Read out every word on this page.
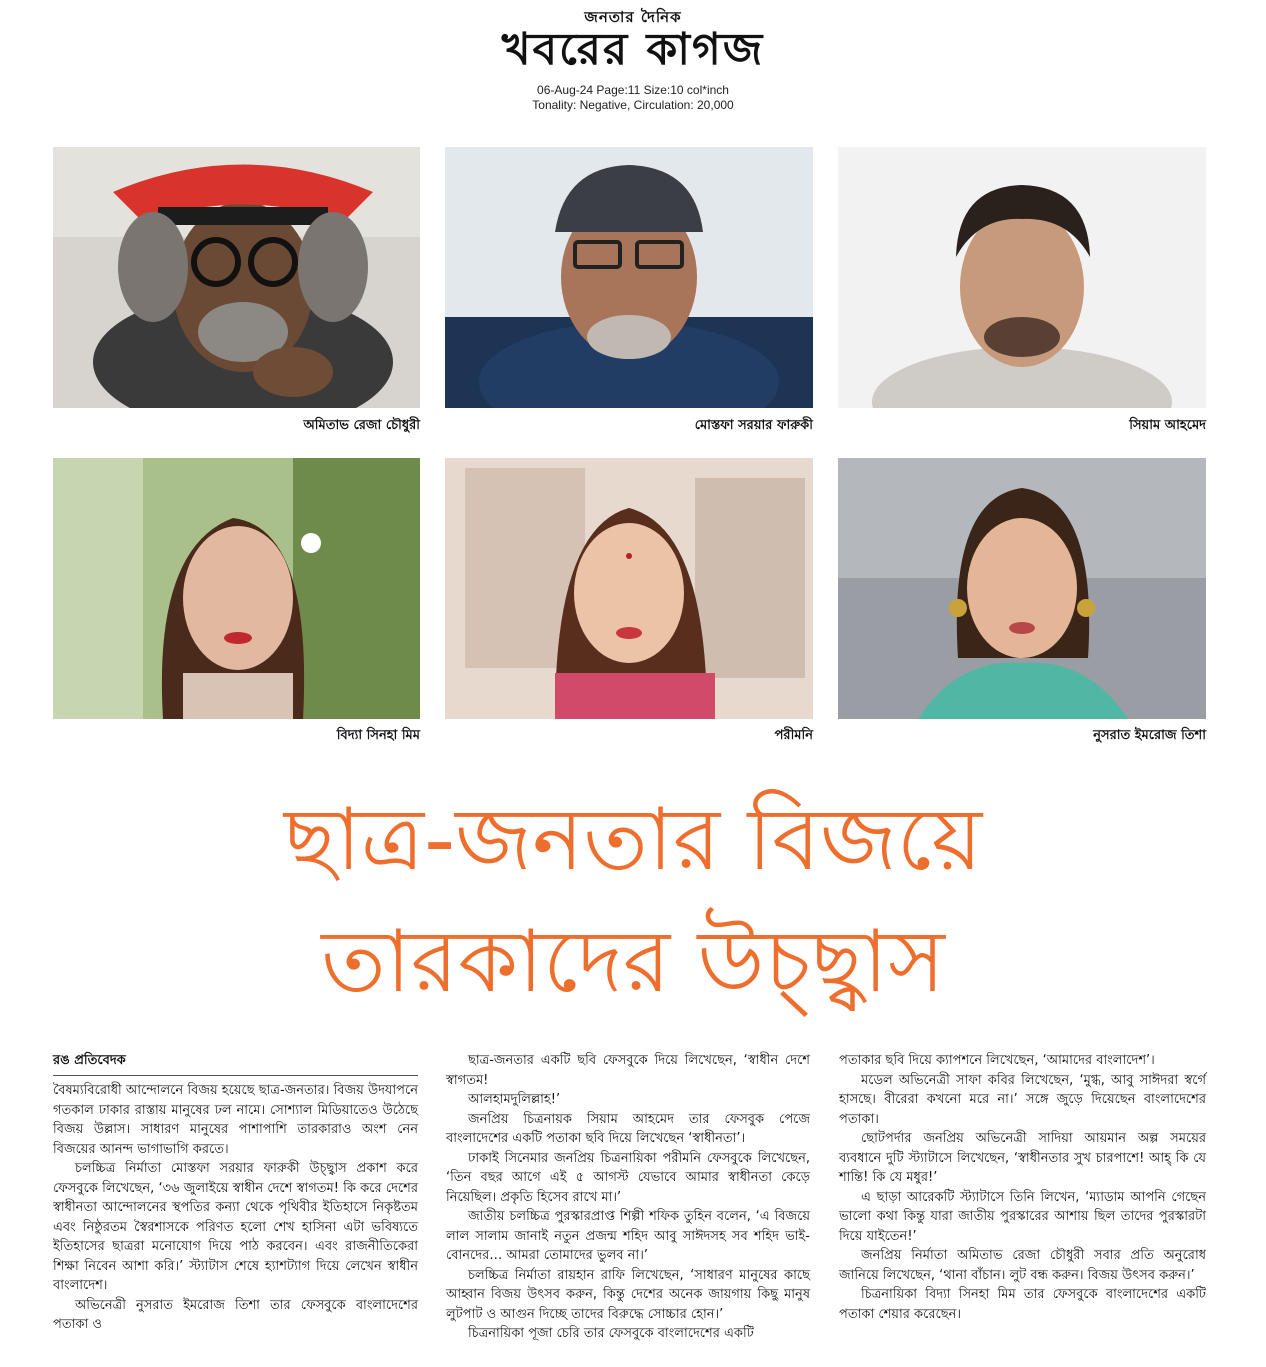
জনতার দৈনিক
খবরের কাগজ
06-Aug-24 Page:11 Size:10 col*inch
Tonality: Negative, Circulation: 20,000
অমিতাভ রেজা চৌধুরী	মোস্তফা সরয়ার ফারুকী	সিয়াম আহমেদ
বিদ্যা সিনহা মিম	পরীমনি	নুসরাত ইমরোজ তিশা
ছাত্র-জনতার বিজয়ে
তারকাদের উচ্ছ্বাস
রঙ প্রতিবেদক

বৈষম্যবিরোধী আন্দোলনে বিজয় হয়েছে ছাত্র-জনতার। বিজয় উদযাপনে গতকাল ঢাকার রাস্তায় মানুষের ঢল নামে। সোশ্যাল মিডিয়াতেও উঠেছে বিজয় উল্লাস। সাধারণ মানুষের পাশাপাশি তারকারাও অংশ নেন বিজয়ের আনন্দ ভাগাভাগি করতে।

চলচ্চিত্র নির্মাতা মোস্তফা সরয়ার ফারুকী উচ্ছ্বাস প্রকাশ করে ফেসবুকে লিখেছেন, ‘৩৬ জুলাইয়ে স্বাধীন দেশে স্বাগতম! কি করে দেশের স্বাধীনতা আন্দোলনের স্থপতির কন্যা থেকে পৃথিবীর ইতিহাসে নিকৃষ্টতম এবং নিষ্ঠুরতম স্বৈরশাসকে পরিণত হলো শেখ হাসিনা এটা ভবিষ্যতে ইতিহাসের ছাত্ররা মনোযোগ দিয়ে পাঠ করবেন। এবং রাজনীতিকেরা শিক্ষা নিবেন আশা করি।’ স্ট্যাটাস শেষে হ্যাশট্যাগ দিয়ে লেখেন স্বাধীন বাংলাদেশ।

অভিনেত্রী নুসরাত ইমরোজ তিশা তার ফেসবুকে বাংলাদেশের পতাকা ও

ছাত্র-জনতার একটি ছবি ফেসবুকে দিয়ে লিখেছেন, ‘স্বাধীন দেশে স্বাগতম!

আলহামদুলিল্লাহ!’

জনপ্রিয় চিত্রনায়ক সিয়াম আহমেদ তার ফেসবুক পেজে বাংলাদেশের একটি পতাকা ছবি দিয়ে লিখেছেন ‘স্বাধীনতা’।

ঢাকাই সিনেমার জনপ্রিয় চিত্রনায়িকা পরীমনি ফেসবুকে লিখেছেন, ‘তিন বছর আগে এই ৫ আগস্ট যেভাবে আমার স্বাধীনতা কেড়ে নিয়েছিল। প্রকৃতি হিসেব রাখে মা।’

জাতীয় চলচ্চিত্র পুরস্কারপ্রাপ্ত শিল্পী শফিক তুহিন বলেন, ‘এ বিজয়ে লাল সালাম জানাই নতুন প্রজন্ম শহিদ আবু সাঈদসহ সব শহিদ ভাই-বোনদের… আমরা তোমাদের ভুলব না।’

চলচ্চিত্র নির্মাতা রায়হান রাফি লিখেছেন, ‘সাধারণ মানুষের কাছে আহ্বান বিজয় উৎসব করুন, কিন্তু দেশের অনেক জায়গায় কিছু মানুষ লুটপাট ও আগুন দিচ্ছে তাদের বিরুদ্ধে সোচ্চার হোন।’

চিত্রনায়িকা পূজা চেরি তার ফেসবুকে বাংলাদেশের একটি

পতাকার ছবি দিয়ে ক্যাপশনে লিখেছেন, ‘আমাদের বাংলাদেশ’।

মডেল অভিনেত্রী সাফা কবির লিখেছেন, ‘মুগ্ধ, আবু সাঈদরা স্বর্গে হাসছে। বীরেরা কখনো মরে না।’ সঙ্গে জুড়ে দিয়েছেন বাংলাদেশের পতাকা।

ছোটপর্দার জনপ্রিয় অভিনেত্রী সাদিয়া আয়মান অল্প সময়ের ব্যবধানে দুটি স্ট্যাটাসে লিখেছেন, ‘স্বাধীনতার সুখ চারপাশে! আহ্ কি যে শান্তি! কি যে মধুর!’

এ ছাড়া আরেকটি স্ট্যাটাসে তিনি লিখেন, ‘ম্যাডাম আপনি গেছেন ভালো কথা কিন্তু যারা জাতীয় পুরস্কারের আশায় ছিল তাদের পুরস্কারটা দিয়ে যাইতেন!’

জনপ্রিয় নির্মাতা অমিতাভ রেজা চৌধুরী সবার প্রতি অনুরোধ জানিয়ে লিখেছেন, ‘থানা বাঁচান। লুট বন্ধ করুন। বিজয় উৎসব করুন।’

চিত্রনায়িকা বিদ্যা সিনহা মিম তার ফেসবুকে বাংলাদেশের একটি পতাকা শেয়ার করেছেন।
